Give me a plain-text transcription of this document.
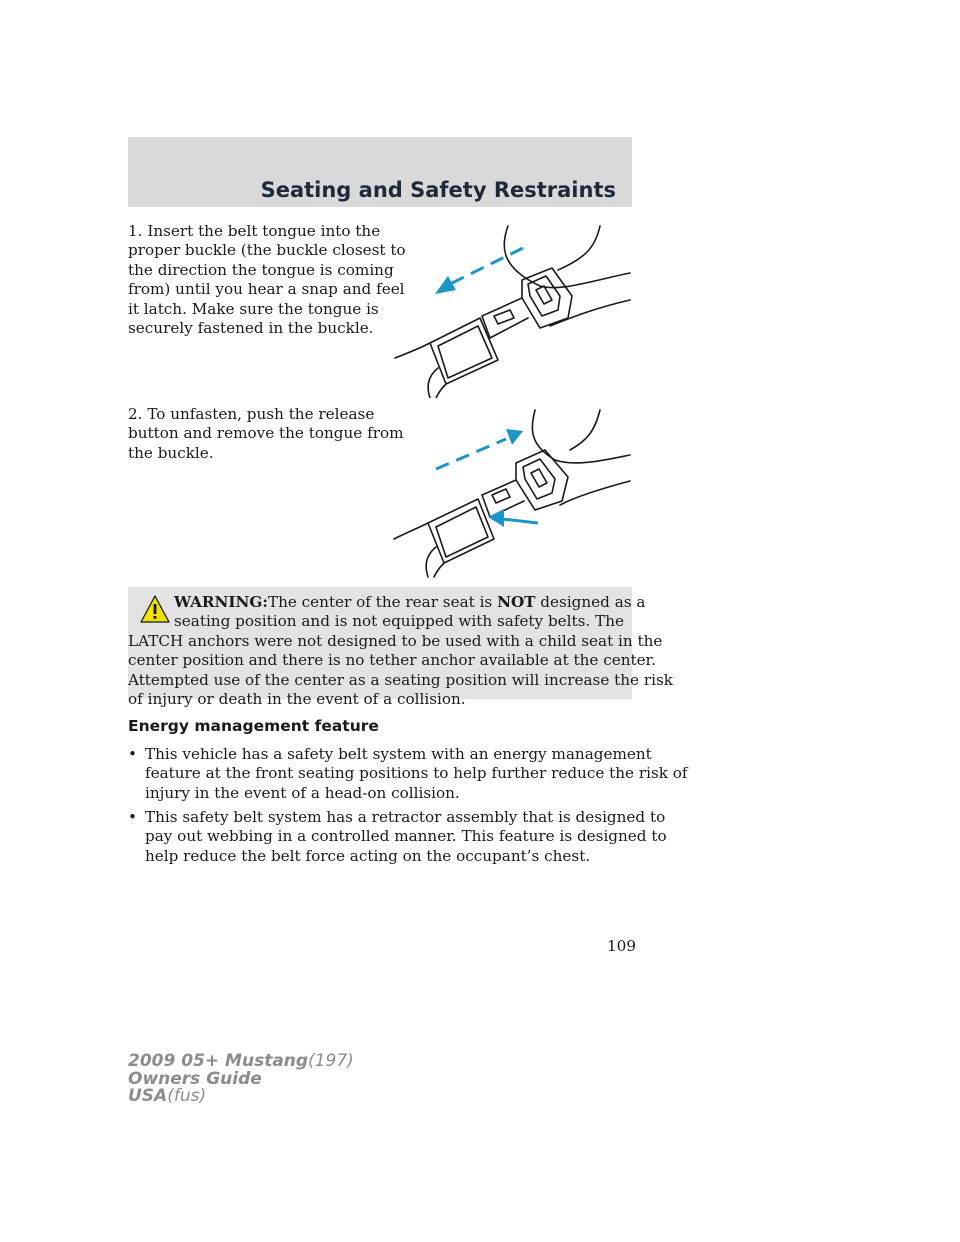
Seating and Safety Restraints

1. Insert the belt tongue into the

proper buckle (the buckle closest to

the direction the tongue is coming

from) until you hear a snap and feel

it latch. Make sure the tongue is

securely fastened in the buckle.

2. To unfasten, push the release

button and remove the tongue from

the buckle.

WARNING:The center of the rear seat is NOT designed as a
seating position and is not equipped with safety belts. The
LATCH anchors were not designed to be used with a child seat in the
center position and there is no tether anchor available at the center.
Attempted use of the center as a seating position will increase the risk
of injury or death in the event of a collision.
Energy management feature
• This vehicle has a safety belt system with an energy management
feature at the front seating positions to help further reduce the risk of
injury in the event of a head-on collision.
• This safety belt system has a retractor assembly that is designed to
pay out webbing in a controlled manner. This feature is designed to
help reduce the belt force acting on the occupant’s chest.
109
2009 05+ Mustang(197)
Owners Guide
USA(fus)
